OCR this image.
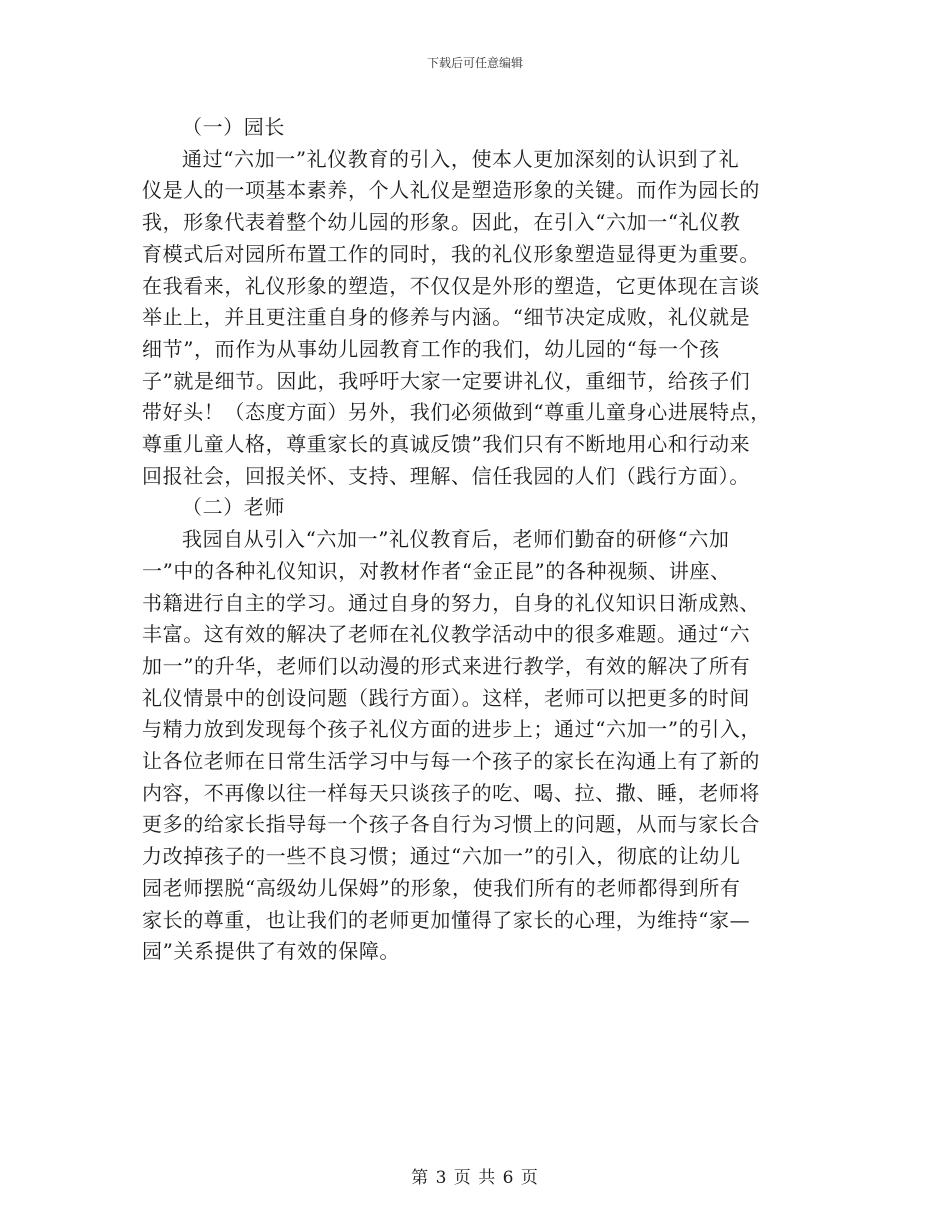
下载后可任意编辑
（一）园长
通过“六加一”礼仪教育的引入，使本人更加深刻的认识到了礼
仪是人的一项基本素养，个人礼仪是塑造形象的关键。而作为园长的
我，形象代表着整个幼儿园的形象。因此，在引入“六加一“礼仪教
育模式后对园所布置工作的同时，我的礼仪形象塑造显得更为重要。
在我看来，礼仪形象的塑造，不仅仅是外形的塑造，它更体现在言谈
举止上，并且更注重自身的修养与内涵。“细节决定成败，礼仪就是
细节”，而作为从事幼儿园教育工作的我们，幼儿园的“每一个孩
子”就是细节。因此，我呼吁大家一定要讲礼仪，重细节，给孩子们
带好头！（态度方面）另外，我们必须做到“尊重儿童身心进展特点，
尊重儿童人格，尊重家长的真诚反馈”我们只有不断地用心和行动来
回报社会，回报关怀、支持、理解、信任我园的人们（践行方面）。
（二）老师
我园自从引入“六加一”礼仪教育后，老师们勤奋的研修“六加
一”中的各种礼仪知识，对教材作者“金正昆”的各种视频、讲座、
书籍进行自主的学习。通过自身的努力，自身的礼仪知识日渐成熟、
丰富。这有效的解决了老师在礼仪教学活动中的很多难题。通过“六
加一”的升华，老师们以动漫的形式来进行教学，有效的解决了所有
礼仪情景中的创设问题（践行方面）。这样，老师可以把更多的时间
与精力放到发现每个孩子礼仪方面的进步上；通过“六加一”的引入，
让各位老师在日常生活学习中与每一个孩子的家长在沟通上有了新的
内容，不再像以往一样每天只谈孩子的吃、喝、拉、撒、睡，老师将
更多的给家长指导每一个孩子各自行为习惯上的问题，从而与家长合
力改掉孩子的一些不良习惯；通过“六加一”的引入，彻底的让幼儿
园老师摆脱“高级幼儿保姆”的形象，使我们所有的老师都得到所有
家长的尊重，也让我们的老师更加懂得了家长的心理，为维持“家—
园”关系提供了有效的保障。
第 3 页 共 6 页
